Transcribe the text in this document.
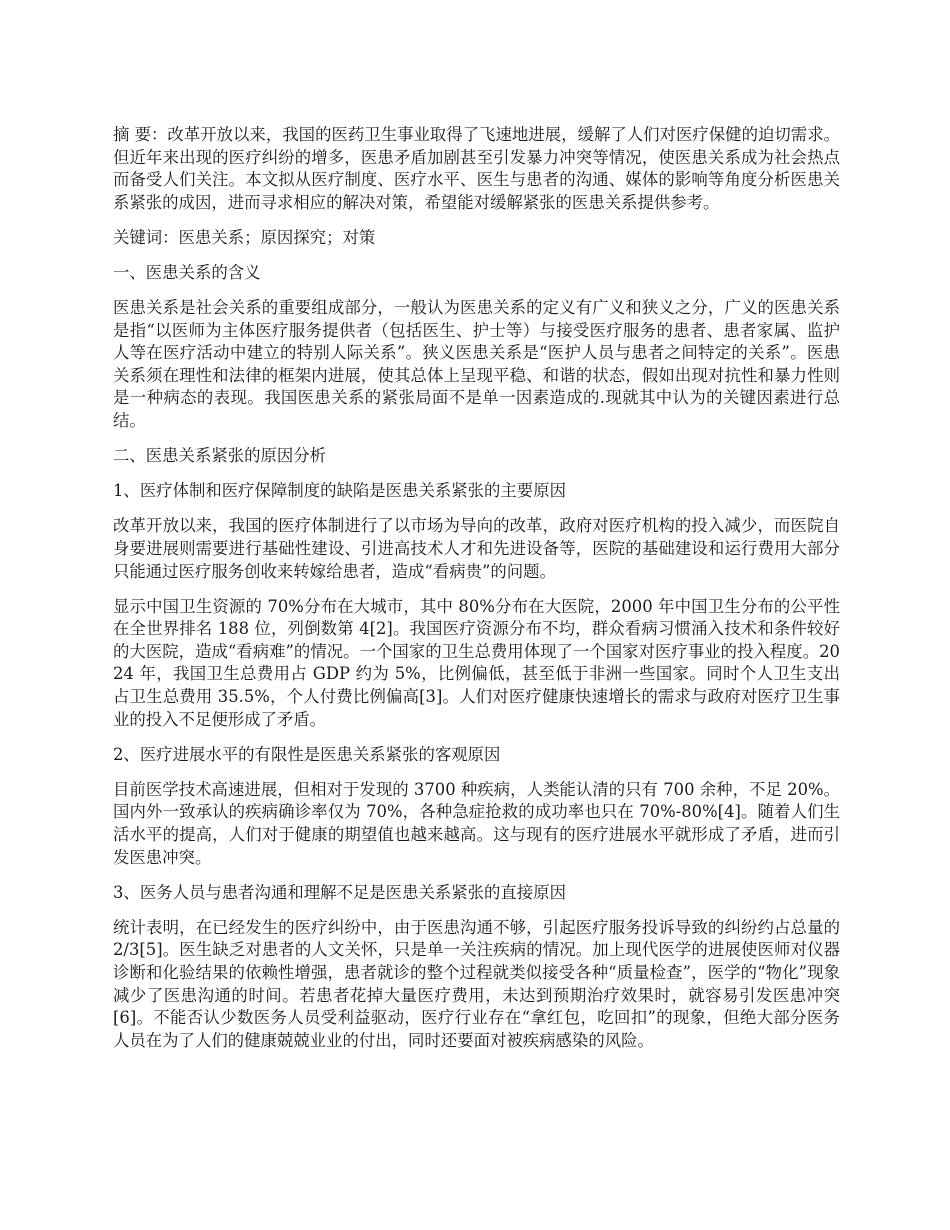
摘 要：改革开放以来，我国的医药卫生事业取得了飞速地进展，缓解了人们对医疗保健的迫切需求。但近年来出现的医疗纠纷的增多，医患矛盾加剧甚至引发暴力冲突等情况，使医患关系成为社会热点而备受人们关注。本文拟从医疗制度、医疗水平、医生与患者的沟通、媒体的影响等角度分析医患关系紧张的成因，进而寻求相应的解决对策，希望能对缓解紧张的医患关系提供参考。

关键词：医患关系；原因探究；对策

一、医患关系的含义

医患关系是社会关系的重要组成部分，一般认为医患关系的定义有广义和狭义之分，广义的医患关系是指“以医师为主体医疗服务提供者（包括医生、护士等）与接受医疗服务的患者、患者家属、监护人等在医疗活动中建立的特别人际关系”。狭义医患关系是“医护人员与患者之间特定的关系”。医患关系须在理性和法律的框架内进展，使其总体上呈现平稳、和谐的状态，假如出现对抗性和暴力性则是一种病态的表现。我国医患关系的紧张局面不是单一因素造成的.现就其中认为的关键因素进行总结。

二、医患关系紧张的原因分析

1、医疗体制和医疗保障制度的缺陷是医患关系紧张的主要原因

改革开放以来，我国的医疗体制进行了以市场为导向的改革，政府对医疗机构的投入减少，而医院自身要进展则需要进行基础性建设、引进高技术人才和先进设备等，医院的基础建设和运行费用大部分只能通过医疗服务创收来转嫁给患者，造成“看病贵”的问题。

显示中国卫生资源的 70%分布在大城市，其中 80%分布在大医院，2000 年中国卫生分布的公平性在全世界排名 188 位，列倒数第 4[2]。我国医疗资源分布不均，群众看病习惯涌入技术和条件较好的大医院，造成“看病难”的情况。一个国家的卫生总费用体现了一个国家对医疗事业的投入程度。2024 年，我国卫生总费用占 GDP 约为 5%，比例偏低，甚至低于非洲一些国家。同时个人卫生支出占卫生总费用 35.5%，个人付费比例偏高[3]。人们对医疗健康快速增长的需求与政府对医疗卫生事业的投入不足便形成了矛盾。

2、医疗进展水平的有限性是医患关系紧张的客观原因

目前医学技术高速进展，但相对于发现的 3700 种疾病，人类能认清的只有 700 余种，不足 20%。国内外一致承认的疾病确诊率仅为 70%，各种急症抢救的成功率也只在 70%-80%[4]。随着人们生活水平的提高，人们对于健康的期望值也越来越高。这与现有的医疗进展水平就形成了矛盾，进而引发医患冲突。

3、医务人员与患者沟通和理解不足是医患关系紧张的直接原因

统计表明，在已经发生的医疗纠纷中，由于医患沟通不够，引起医疗服务投诉导致的纠纷约占总量的 2/3[5]。医生缺乏对患者的人文关怀，只是单一关注疾病的情况。加上现代医学的进展使医师对仪器诊断和化验结果的依赖性增强，患者就诊的整个过程就类似接受各种“质量检查”，医学的“物化”现象减少了医患沟通的时间。若患者花掉大量医疗费用，未达到预期治疗效果时，就容易引发医患冲突[6]。不能否认少数医务人员受利益驱动，医疗行业存在“拿红包，吃回扣”的现象，但绝大部分医务人员在为了人们的健康兢兢业业的付出，同时还要面对被疾病感染的风险。
